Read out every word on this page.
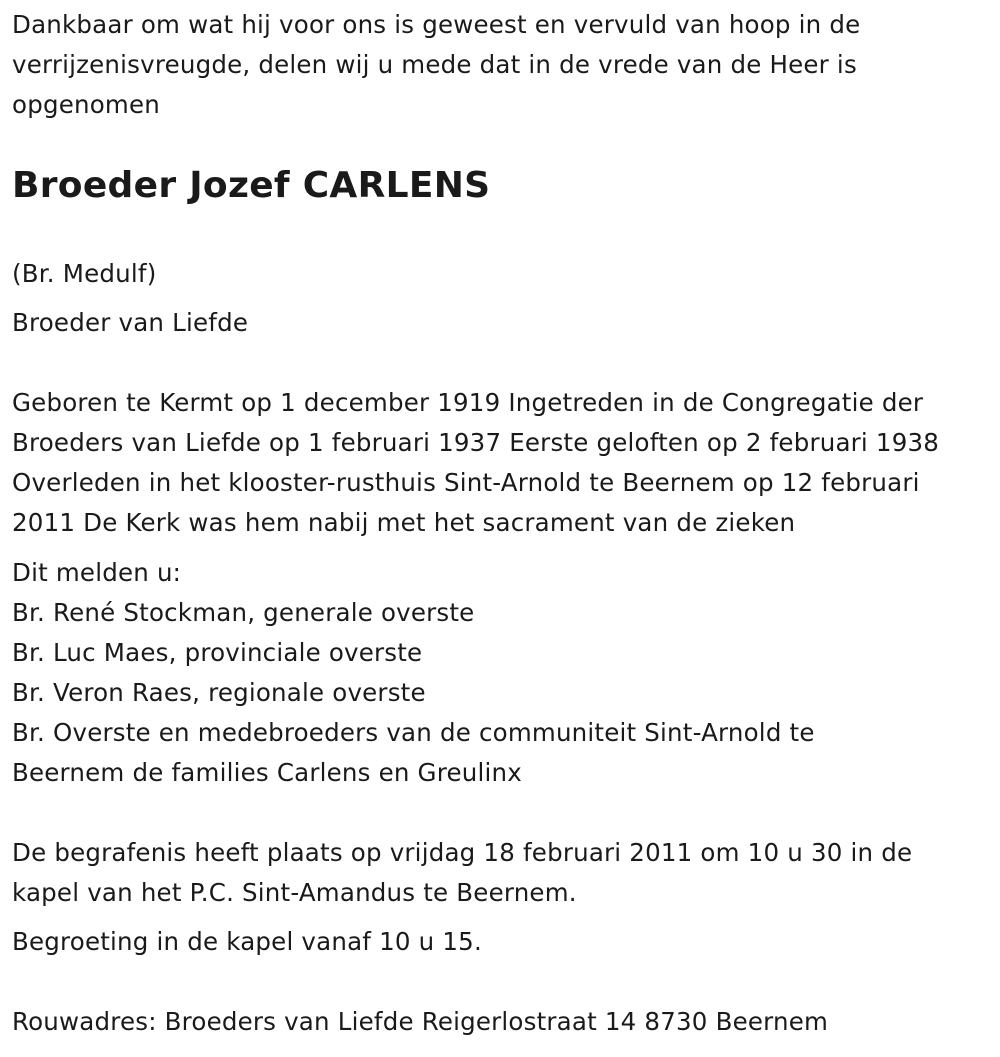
Dankbaar om wat hij voor ons is geweest en vervuld van hoop in de

verrijzenisvreugde, delen wij u mede dat in de vrede van de Heer is

opgenomen

Broeder Jozef CARLENS

(Br. Medulf)

Broeder van Liefde

Geboren te Kermt op 1 december 1919 Ingetreden in de Congregatie der

Broeders van Liefde op 1 februari 1937 Eerste geloften op 2 februari 1938

Overleden in het klooster-rusthuis Sint-Arnold te Beernem op 12 februari

2011 De Kerk was hem nabij met het sacrament van de zieken

Dit melden u:

Br. René Stockman, generale overste

Br. Luc Maes, provinciale overste

Br. Veron Raes, regionale overste

Br. Overste en medebroeders van de communiteit Sint-Arnold te

Beernem de families Carlens en Greulinx

De begrafenis heeft plaats op vrijdag 18 februari 2011 om 10 u 30 in de

kapel van het P.C. Sint-Amandus te Beernem.

Begroeting in de kapel vanaf 10 u 15.

Rouwadres: Broeders van Liefde Reigerlostraat 14 8730 Beernem
